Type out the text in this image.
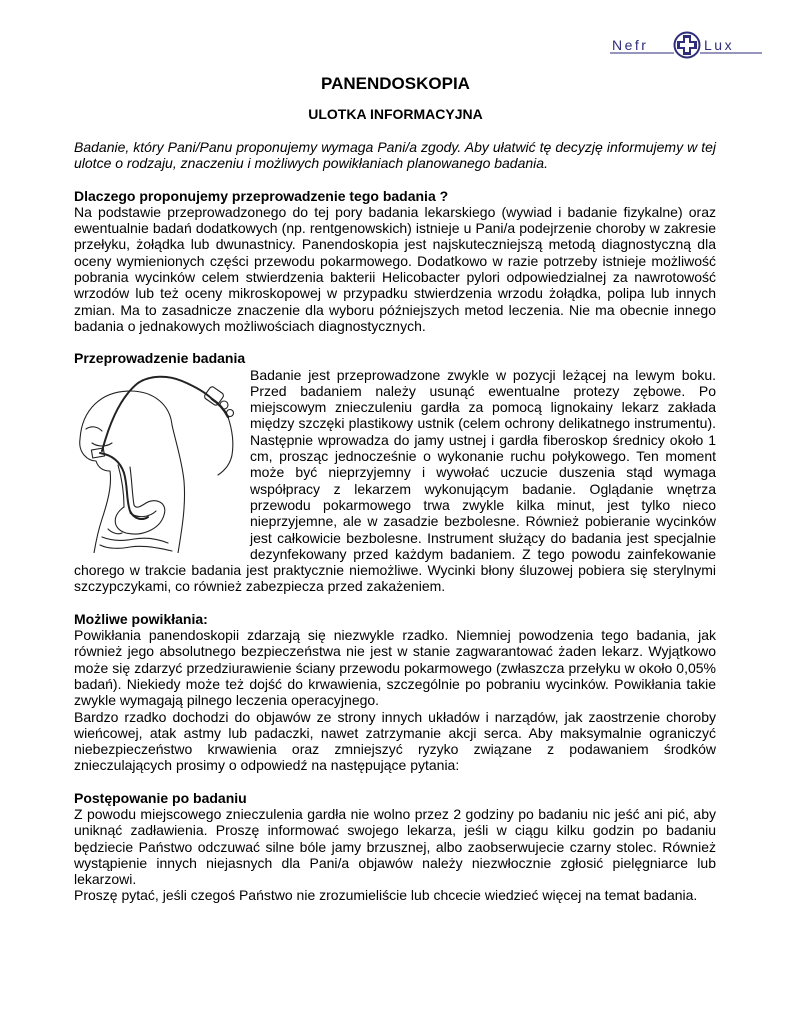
Nefr	Lux
PANENDOSKOPIA
ULOTKA INFORMACYJNA

Badanie, który Pani/Panu proponujemy wymaga Pani/a zgody. Aby ułatwić tę decyzję informujemy w tej ulotce o rodzaju, znaczeniu i możliwych powikłaniach planowanego badania.

Dlaczego proponujemy przeprowadzenie tego badania ?

Na podstawie przeprowadzonego do tej pory badania lekarskiego (wywiad i badanie fizykalne) oraz ewentualnie badań dodatkowych (np. rentgenowskich) istnieje u Pani/a podejrzenie choroby w zakresie przełyku, żołądka lub dwunastnicy. Panendoskopia jest najskuteczniejszą metodą diagnostyczną dla oceny wymienionych części przewodu pokarmowego. Dodatkowo w razie potrzeby istnieje możliwość pobrania wycinków celem stwierdzenia bakterii Helicobacter pylori odpowiedzialnej za nawrotowość wrzodów lub też oceny mikroskopowej w przypadku stwierdzenia wrzodu żołądka, polipa lub innych zmian. Ma to zasadnicze znaczenie dla wyboru późniejszych metod leczenia. Nie ma obecnie innego badania o jednakowych możliwościach diagnostycznych.

Przeprowadzenie badania

Badanie jest przeprowadzone zwykle w pozycji leżącej na lewym boku. Przed badaniem należy usunąć ewentualne protezy zębowe. Po miejscowym znieczuleniu gardła za pomocą lignokainy lekarz zakłada między szczęki plastikowy ustnik (celem ochrony delikatnego instrumentu). Następnie wprowadza do jamy ustnej i gardła fiberoskop średnicy około 1 cm, prosząc jednocześnie o wykonanie ruchu połykowego. Ten moment może być nieprzyjemny i wywołać uczucie duszenia stąd wymaga współpracy z lekarzem wykonującym badanie. Oglądanie wnętrza przewodu pokarmowego trwa zwykle kilka minut, jest tylko nieco nieprzyjemne, ale w zasadzie bezbolesne. Również pobieranie wycinków jest całkowicie bezbolesne. Instrument służący do badania jest specjalnie dezynfekowany przed każdym badaniem. Z tego powodu zainfekowanie chorego w trakcie badania jest praktycznie niemożliwe. Wycinki błony śluzowej pobiera się sterylnymi szczypczykami, co również zabezpiecza przed zakażeniem.

Możliwe powikłania:

Powikłania panendoskopii zdarzają się niezwykle rzadko. Niemniej powodzenia tego badania, jak również jego absolutnego bezpieczeństwa nie jest w stanie zagwarantować żaden lekarz. Wyjątkowo może się zdarzyć przedziurawienie ściany przewodu pokarmowego (zwłaszcza przełyku w około 0,05% badań). Niekiedy może też dojść do krwawienia, szczególnie po pobraniu wycinków. Powikłania takie zwykle wymagają pilnego leczenia operacyjnego.

Bardzo rzadko dochodzi do objawów ze strony innych układów i narządów, jak zaostrzenie choroby wieńcowej, atak astmy lub padaczki, nawet zatrzymanie akcji serca. Aby maksymalnie ograniczyć niebezpieczeństwo krwawienia oraz zmniejszyć ryzyko związane z podawaniem środków znieczulających prosimy o odpowiedź na następujące pytania:

Postępowanie po badaniu

Z powodu miejscowego znieczulenia gardła nie wolno przez 2 godziny po badaniu nic jeść ani pić, aby uniknąć zadławienia. Proszę informować swojego lekarza, jeśli w ciągu kilku godzin po badaniu będziecie Państwo odczuwać silne bóle jamy brzusznej, albo zaobserwujecie czarny stolec. Również wystąpienie innych niejasnych dla Pani/a objawów należy niezwłocznie zgłosić pielęgniarce lub lekarzowi.

Proszę pytać, jeśli czegoś Państwo nie zrozumieliście lub chcecie wiedzieć więcej na temat badania.
